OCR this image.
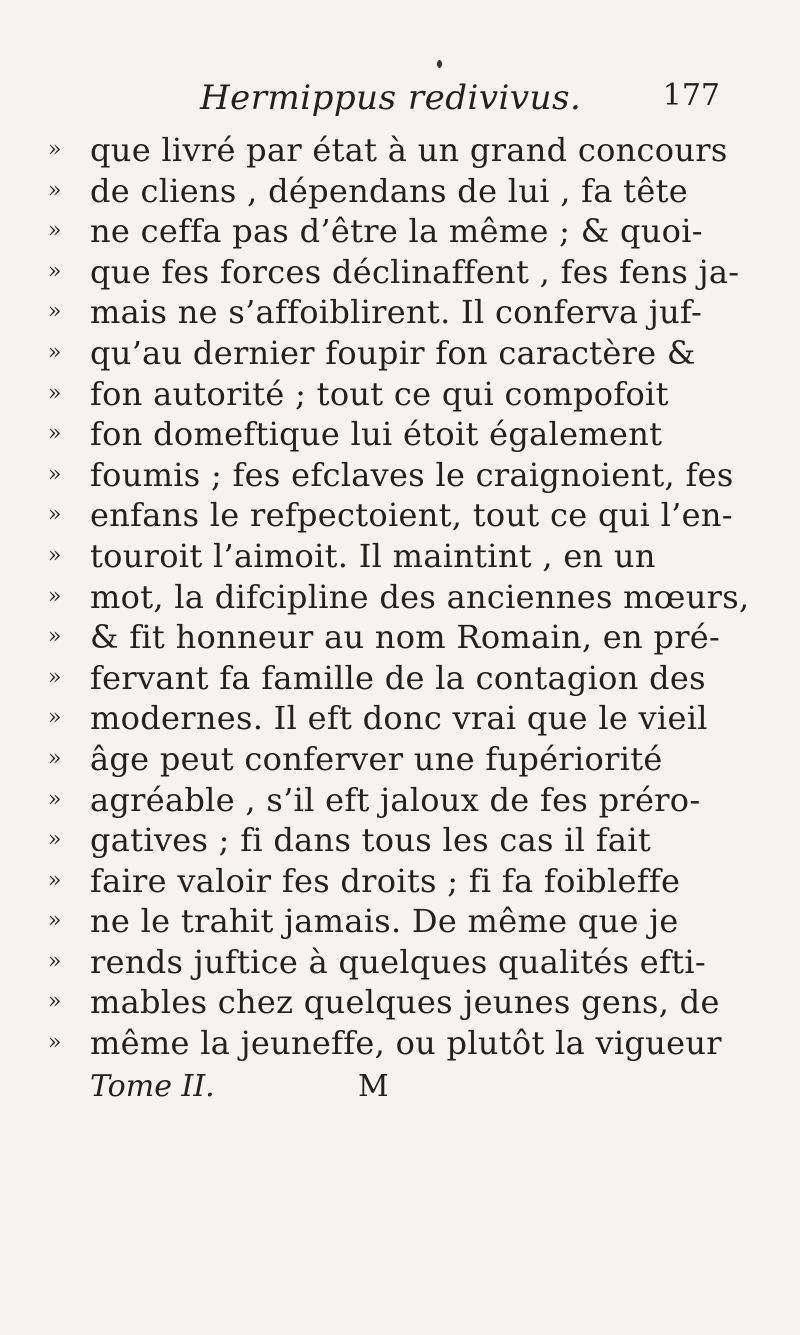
Hermippus redivivus.	177
» que livré par état à un grand concours
» de cliens , dépendans de lui , fa tête
» ne ceffa pas d’être la même ; & quoi-
» que fes forces déclinaffent , fes fens ja-
» mais ne s’affoiblirent. Il conferva juf-
» qu’au dernier foupir fon caractère &
» fon autorité ; tout ce qui compofoit
» fon domeftique lui étoit également
» foumis ; fes efclaves le craignoient, fes
» enfans le refpectoient, tout ce qui l’en-
» touroit l’aimoit. Il maintint , en un
» mot, la difcipline des anciennes mœurs,
» & fit honneur au nom Romain, en pré-
» fervant fa famille de la contagion des
» modernes. Il eft donc vrai que le vieil
» âge peut conferver une fupériorité
» agréable , s’il eft jaloux de fes préro-
» gatives ; fi dans tous les cas il fait
» faire valoir fes droits ; fi fa foibleffe
» ne le trahit jamais. De même que je
» rends juftice à quelques qualités efti-
» mables chez quelques jeunes gens, de
» même la jeuneffe, ou plutôt la vigueur
Tome II.	M
